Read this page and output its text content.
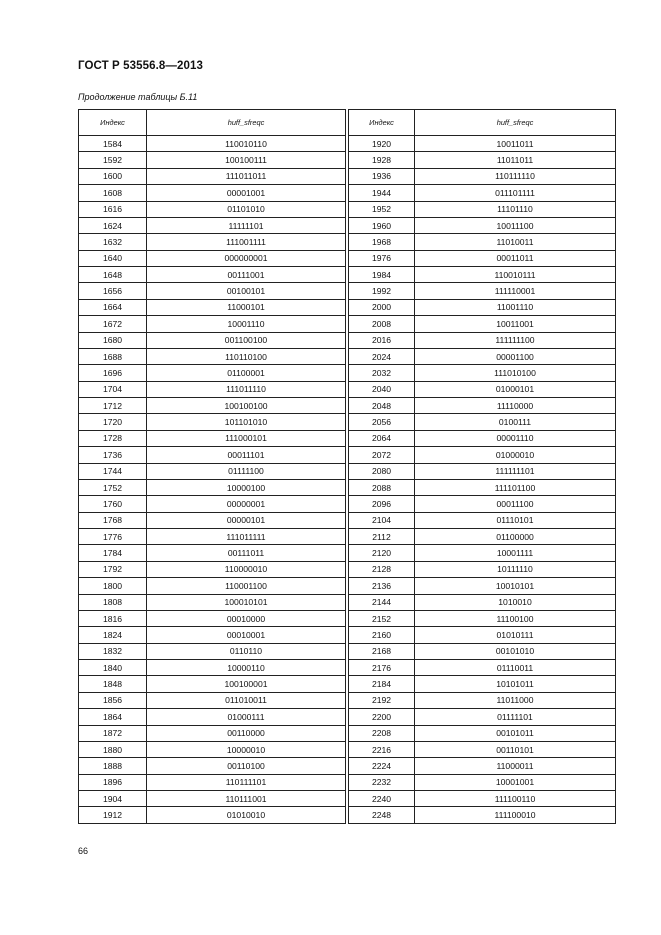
ГОСТ Р 53556.8—2013
Продолжение таблицы Б.11
Индекс	huff_sfreqc		Индекс	huff_sfreqc
1584	110010110		1920	10011011
1592	100100111		1928	11011011
1600	111011011		1936	110111110
1608	00001001		1944	011101111
1616	01101010		1952	11101110
1624	11111101		1960	10011100
1632	111001111		1968	11010011
1640	000000001		1976	00011011
1648	00111001		1984	110010111
1656	00100101		1992	111110001
1664	11000101		2000	11001110
1672	10001110		2008	10011001
1680	001100100		2016	111111100
1688	110110100		2024	00001100
1696	01100001		2032	111010100
1704	111011110		2040	01000101
1712	100100100		2048	11110000
1720	101101010		2056	0100111
1728	111000101		2064	00001110
1736	00011101		2072	01000010
1744	01111100		2080	111111101
1752	10000100		2088	111101100
1760	00000001		2096	00011100
1768	00000101		2104	01110101
1776	111011111		2112	01100000
1784	00111011		2120	10001111
1792	110000010		2128	10111110
1800	110001100		2136	10010101
1808	100010101		2144	1010010
1816	00010000		2152	11100100
1824	00010001		2160	01010111
1832	0110110		2168	00101010
1840	10000110		2176	01110011
1848	100100001		2184	10101011
1856	011010011		2192	11011000
1864	01000111		2200	01111101
1872	00110000		2208	00101011
1880	10000010		2216	00110101
1888	00110100		2224	11000011
1896	110111101		2232	10001001
1904	110111001		2240	111100110
1912	01010010		2248	111100010
66
